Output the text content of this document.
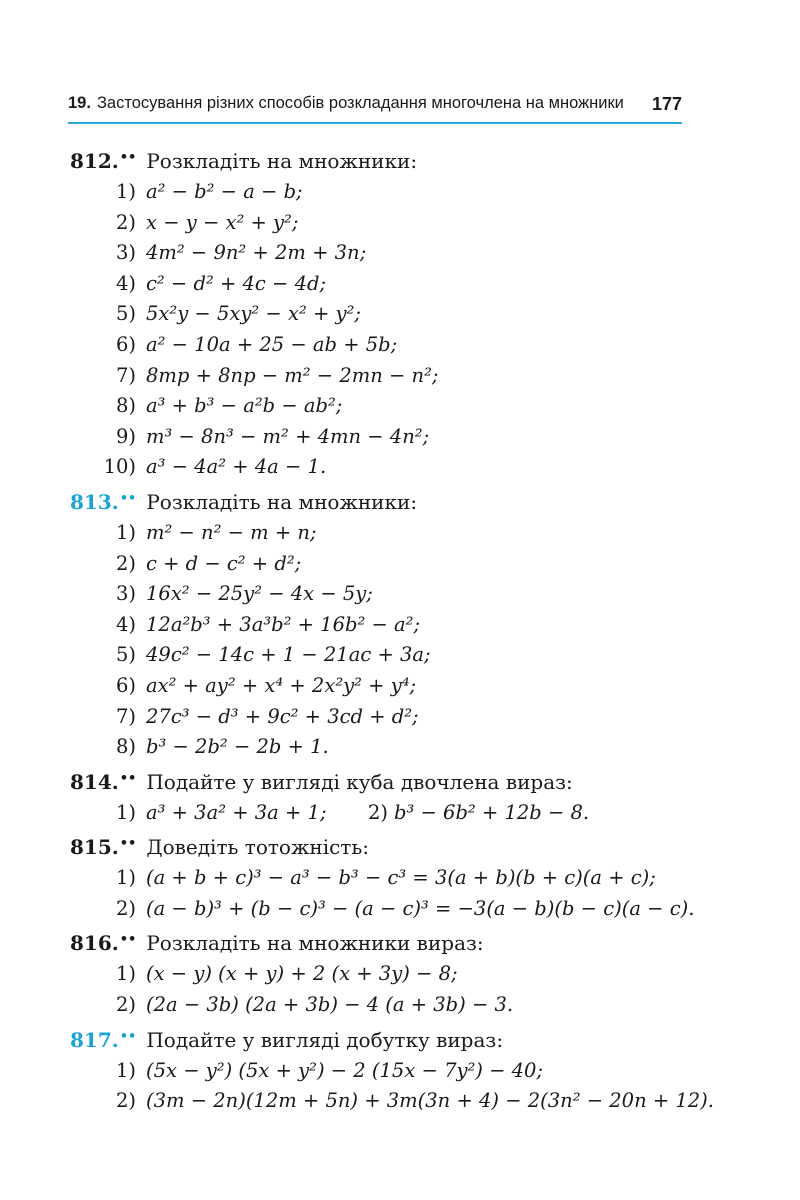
19. Застосування різних способів розкладання многочлена на множники 177
812.•• Розкладіть на множники:
1) a² − b² − a − b;
2) x − y − x² + y²;
3) 4m² − 9n² + 2m + 3n;
4) c² − d² + 4c − 4d;
5) 5x²y − 5xy² − x² + y²;
6) a² − 10a + 25 − ab + 5b;
7) 8mp + 8np − m² − 2mn − n²;
8) a³ + b³ − a²b − ab²;
9) m³ − 8n³ − m² + 4mn − 4n²;
10) a³ − 4a² + 4a − 1.
813.•• Розкладіть на множники:
1) m² − n² − m + n;
2) c + d − c² + d²;
3) 16x² − 25y² − 4x − 5y;
4) 12a²b³ + 3a³b² + 16b² − a²;
5) 49c² − 14c + 1 − 21ac + 3a;
6) ax² + ay² + x⁴ + 2x²y² + y⁴;
7) 27c³ − d³ + 9c² + 3cd + d²;
8) b³ − 2b² − 2b + 1.
814.•• Подайте у вигляді куба двочлена вираз:
1) a³ + 3a² + 3a + 1; 2) b³ − 6b² + 12b − 8.
815.•• Доведіть тотожність:
1) (a + b + c)³ − a³ − b³ − c³ = 3(a + b)(b + c)(a + c);
2) (a − b)³ + (b − c)³ − (a − c)³ = −3(a − b)(b − c)(a − c).
816.•• Розкладіть на множники вираз:
1) (x − y) (x + y) + 2 (x + 3y) − 8;
2) (2a − 3b) (2a + 3b) − 4 (a + 3b) − 3.
817.•• Подайте у вигляді добутку вираз:
1) (5x − y²) (5x + y²) − 2 (15x − 7y²) − 40;
2) (3m − 2n)(12m + 5n) + 3m(3n + 4) − 2(3n² − 20n + 12).
